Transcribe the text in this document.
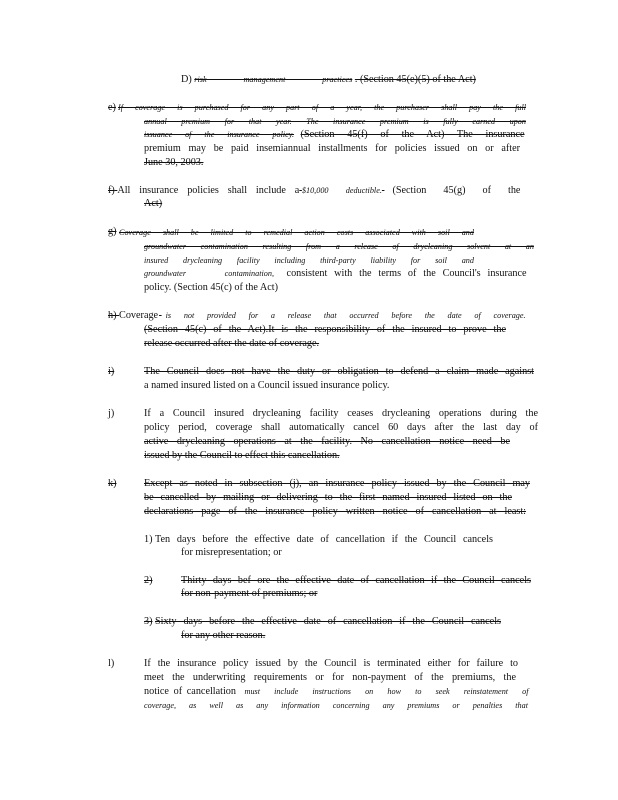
D) risk management practices . (Section 45(e)(5) of the Act)
e) If coverage is purchased for any part of a year, the purchaser shall pay the full
annual premium for that year. The insurance premium is fully earned upon
issuance of the insurance policy. (Section 45(f) of the Act) The insurance
premium may be paid insemiannual installments for policies issued on or after
June 30, 2003.
f) All insurance policies shall include a $10,000 deductible. (Section 45(g) of the
Act)
g) Coverage shall be limited to remedial action costs associated with soil and
groundwater contamination resulting from a release of drycleaning solvent at an
insured drycleaning facility including third-party liability for soil and
groundwater contamination, consistent with the terms of the Council's insurance
policy. (Section 45(c) of the Act)
h) Coverage is not provided for a release that occurred before the date of coverage.
(Section 45(c) of the Act).It is the responsibility of the insured to prove the
release occurred after the date of coverage.
i)	The Council does not have the duty or obligation to defend a claim made against
a named insured listed on a Council issued insurance policy.
j)	If a Council insured drycleaning facility ceases drycleaning operations during the
policy period, coverage shall automatically cancel 60 days after the last day of
active drycleaning operations at the facility. No cancellation notice need be
issued by the Council to effect this cancellation.
k)	Except as noted in subsection (j), an insurance policy issued by the Council may
be cancelled by mailing or delivering to the first named insured listed on the
declarations page of the insurance policy written notice of cancellation at least:
1) Ten days before the effective date of cancellation if the Council cancels
for misrepresentation; or
2)	Thirty days bef ore the effective date of cancellation if the Council cancels
for non-payment of premiums; or
3) Sixty days before the effective date of cancellation if the Council cancels
for any other reason.
l)	If the insurance policy issued by the Council is terminated either for failure to
meet the underwriting requirements or for non-payment of the premiums, the
notice of cancellation must include instructions on how to seek reinstatement of
coverage, as well as any information concerning any premiums or penalties that
